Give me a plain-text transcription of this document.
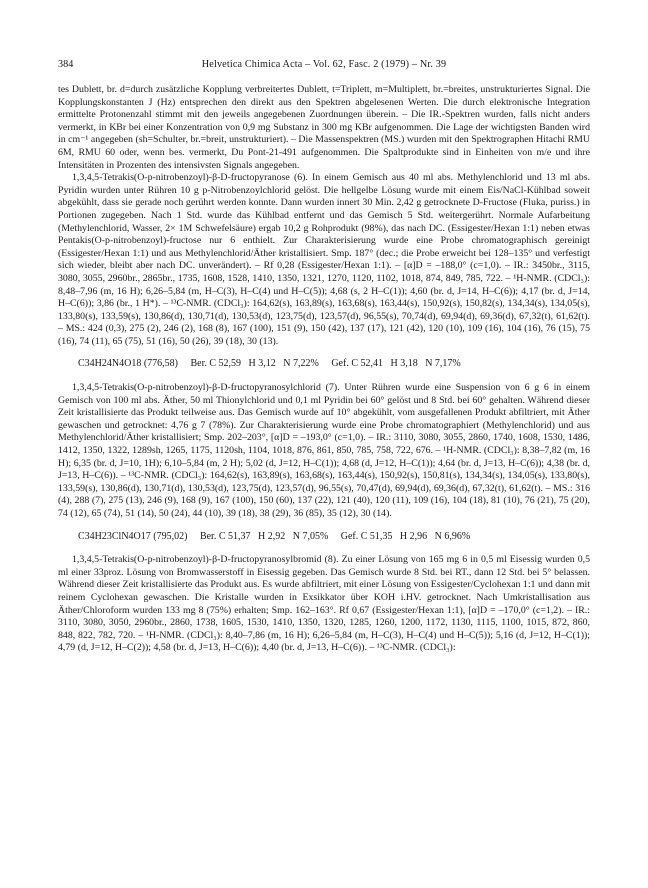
384	Helvetica Chimica Acta – Vol. 62, Fasc. 2 (1979) – Nr. 39

tes Dublett, br. d=durch zusätzliche Kopplung verbreitertes Dublett, t=Triplett, m=Multiplett, br.=breites, unstrukturiertes Signal. Die Kopplungskonstanten J (Hz) entsprechen den direkt aus den Spektren abgelesenen Werten. Die durch elektronische Integration ermittelte Protonenzahl stimmt mit den jeweils angegebenen Zuordnungen überein. – Die IR.-Spektren wurden, falls nicht anders vermerkt, in KBr bei einer Konzentration von 0,9 mg Substanz in 300 mg KBr aufgenommen. Die Lage der wichtigsten Banden wird in cm⁻¹ angegeben (sh=Schulter, br.=breit, unstrukturiert). – Die Massenspektren (MS.) wurden mit den Spektrographen Hitachi RMU 6M, RMU 60 oder, wenn bes. vermerkt, Du Pont-21-491 aufgenommen. Die Spaltprodukte sind in Einheiten von m/e und ihre Intensitäten in Prozenten des intensivsten Signals angegeben.

1,3,4,5-Tetrakis(O-p-nitrobenzoyl)-β-D-fructopyranose (6). In einem Gemisch aus 40 ml abs. Methylenchlorid und 13 ml abs. Pyridin wurden unter Rühren 10 g p-Nitrobenzoylchlorid gelöst. Die hellgelbe Lösung wurde mit einem Eis/NaCl-Kühlbad soweit abgekühlt, dass sie gerade noch gerührt werden konnte. Dann wurden innert 30 Min. 2,42 g getrocknete D-Fructose (Fluka, puriss.) in Portionen zugegeben. Nach 1 Std. wurde das Kühlbad entfernt und das Gemisch 5 Std. weitergerührt. Normale Aufarbeitung (Methylenchlorid, Wasser, 2× 1M Schwefelsäure) ergab 10,2 g Rohprodukt (98%), das nach DC. (Essigester/Hexan 1:1) neben etwas Pentakis(O-p-nitrobenzoyl)-fructose nur 6 enthielt. Zur Charakterisierung wurde eine Probe chromatographisch gereinigt (Essigester/Hexan 1:1) und aus Methylenchlorid/Äther kristallisiert. Smp. 187° (dec.; die Probe erweicht bei 128–135° und verfestigt sich wieder, bleibt aber nach DC. unverändert). – Rf 0,28 (Essigester/Hexan 1:1). – [α]D = –188,0° (c=1,0). – IR.: 3450br., 3115, 3080, 3055, 2960br., 2865br., 1735, 1608, 1528, 1410, 1350, 1321, 1270, 1120, 1102, 1018, 874, 849, 785, 722. – ¹H-NMR. (CDCl₃): 8,48–7,96 (m, 16 H); 6,26–5,84 (m, H–C(3), H–C(4) und H–C(5)); 4,68 (s, 2 H–C(1)); 4,60 (br. d, J=14, H–C(6)); 4,17 (br. d, J=14, H–C(6)); 3,86 (br., 1 H*). – ¹³C-NMR. (CDCl₃): 164,62(s), 163,89(s), 163,68(s), 163,44(s), 150,92(s), 150,82(s), 134,34(s), 134,05(s), 133,80(s), 133,59(s), 130,86(d), 130,71(d), 130,53(d), 123,75(d), 123,57(d), 96,55(s), 70,74(d), 69,94(d), 69,36(d), 67,32(t), 61,62(t). – MS.: 424 (0,3), 275 (2), 246 (2), 168 (8), 167 (100), 151 (9), 150 (42), 137 (17), 121 (42), 120 (10), 109 (16), 104 (16), 76 (15), 75 (16), 74 (11), 65 (75), 51 (16), 50 (26), 39 (18), 30 (13).

C34H24N4O18 (776,58)     Ber. C 52,59   H 3,12   N 7,22%     Gef. C 52,41   H 3,18   N 7,17%

1,3,4,5-Tetrakis(O-p-nitrobenzoyl)-β-D-fructopyranosylchlorid (7). Unter Rühren wurde eine Suspension von 6 g 6 in einem Gemisch von 100 ml abs. Äther, 50 ml Thionylchlorid und 0,1 ml Pyridin bei 60° gelöst und 8 Std. bei 60° gehalten. Während dieser Zeit kristallisierte das Produkt teilweise aus. Das Gemisch wurde auf 10° abgekühlt, vom ausgefallenen Produkt abfiltriert, mit Äther gewaschen und getrocknet: 4,76 g 7 (78%). Zur Charakterisierung wurde eine Probe chromatographiert (Methylenchlorid) und aus Methylenchlorid/Äther kristallisiert; Smp. 202–203°, [α]D = –193,0° (c=1,0). – IR.: 3110, 3080, 3055, 2860, 1740, 1608, 1530, 1486, 1412, 1350, 1322, 1289sh, 1265, 1175, 1120sh, 1104, 1018, 876, 861, 850, 785, 758, 722, 676. – ¹H-NMR. (CDCl₃): 8,38–7,82 (m, 16 H); 6,35 (br. d, J=10, 1H); 6,10–5,84 (m, 2 H); 5,02 (d, J=12, H–C(1)); 4,68 (d, J=12, H–C(1)); 4,64 (br. d, J=13, H–C(6)); 4,38 (br. d, J=13, H–C(6)). – ¹³C-NMR. (CDCl₃): 164,62(s), 163,89(s), 163,68(s), 163,44(s), 150,92(s), 150,81(s), 134,34(s), 134,05(s), 133,80(s), 133,59(s), 130,86(d), 130,71(d), 130,53(d), 123,75(d), 123,57(d), 96,55(s), 70,47(d), 69,94(d), 69,36(d), 67,32(t), 61,62(t). – MS.: 316 (4), 288 (7), 275 (13), 246 (9), 168 (9), 167 (100), 150 (60), 137 (22), 121 (40), 120 (11), 109 (16), 104 (18), 81 (10), 76 (21), 75 (20), 74 (12), 65 (74), 51 (14), 50 (24), 44 (10), 39 (18), 38 (29), 36 (85), 35 (12), 30 (14).

C34H23ClN4O17 (795,02)     Ber. C 51,37   H 2,92   N 7,05%     Gef. C 51,35   H 2,96   N 6,96%

1,3,4,5-Tetrakis(O-p-nitrobenzoyl)-β-D-fructopyranosylbromid (8). Zu einer Lösung von 165 mg 6 in 0,5 ml Eisessig wurden 0,5 ml einer 33proz. Lösung von Bromwasserstoff in Eisessig gegeben. Das Gemisch wurde 8 Std. bei RT., dann 12 Std. bei 5° belassen. Während dieser Zeit kristallisierte das Produkt aus. Es wurde abfiltriert, mit einer Lösung von Essigester/Cyclohexan 1:1 und dann mit reinem Cyclohexan gewaschen. Die Kristalle wurden in Exsikkator über KOH i.HV. getrocknet. Nach Umkristallisation aus Äther/Chloroform wurden 133 mg 8 (75%) erhalten; Smp. 162–163°. Rf 0,67 (Essigester/Hexan 1:1), [α]D = –170,0° (c=1,2). – IR.: 3110, 3080, 3050, 2960br., 2860, 1738, 1605, 1530, 1410, 1350, 1320, 1285, 1260, 1200, 1172, 1130, 1115, 1100, 1015, 872, 860, 848, 822, 782, 720. – ¹H-NMR. (CDCl₃): 8,40–7,86 (m, 16 H); 6,26–5,84 (m, H–C(3), H–C(4) und H–C(5)); 5,16 (d, J=12, H–C(1)); 4,79 (d, J=12, H–C(2)); 4,58 (br. d, J=13, H–C(6)); 4,40 (br. d, J=13, H–C(6)). – ¹³C-NMR. (CDCl₃):
